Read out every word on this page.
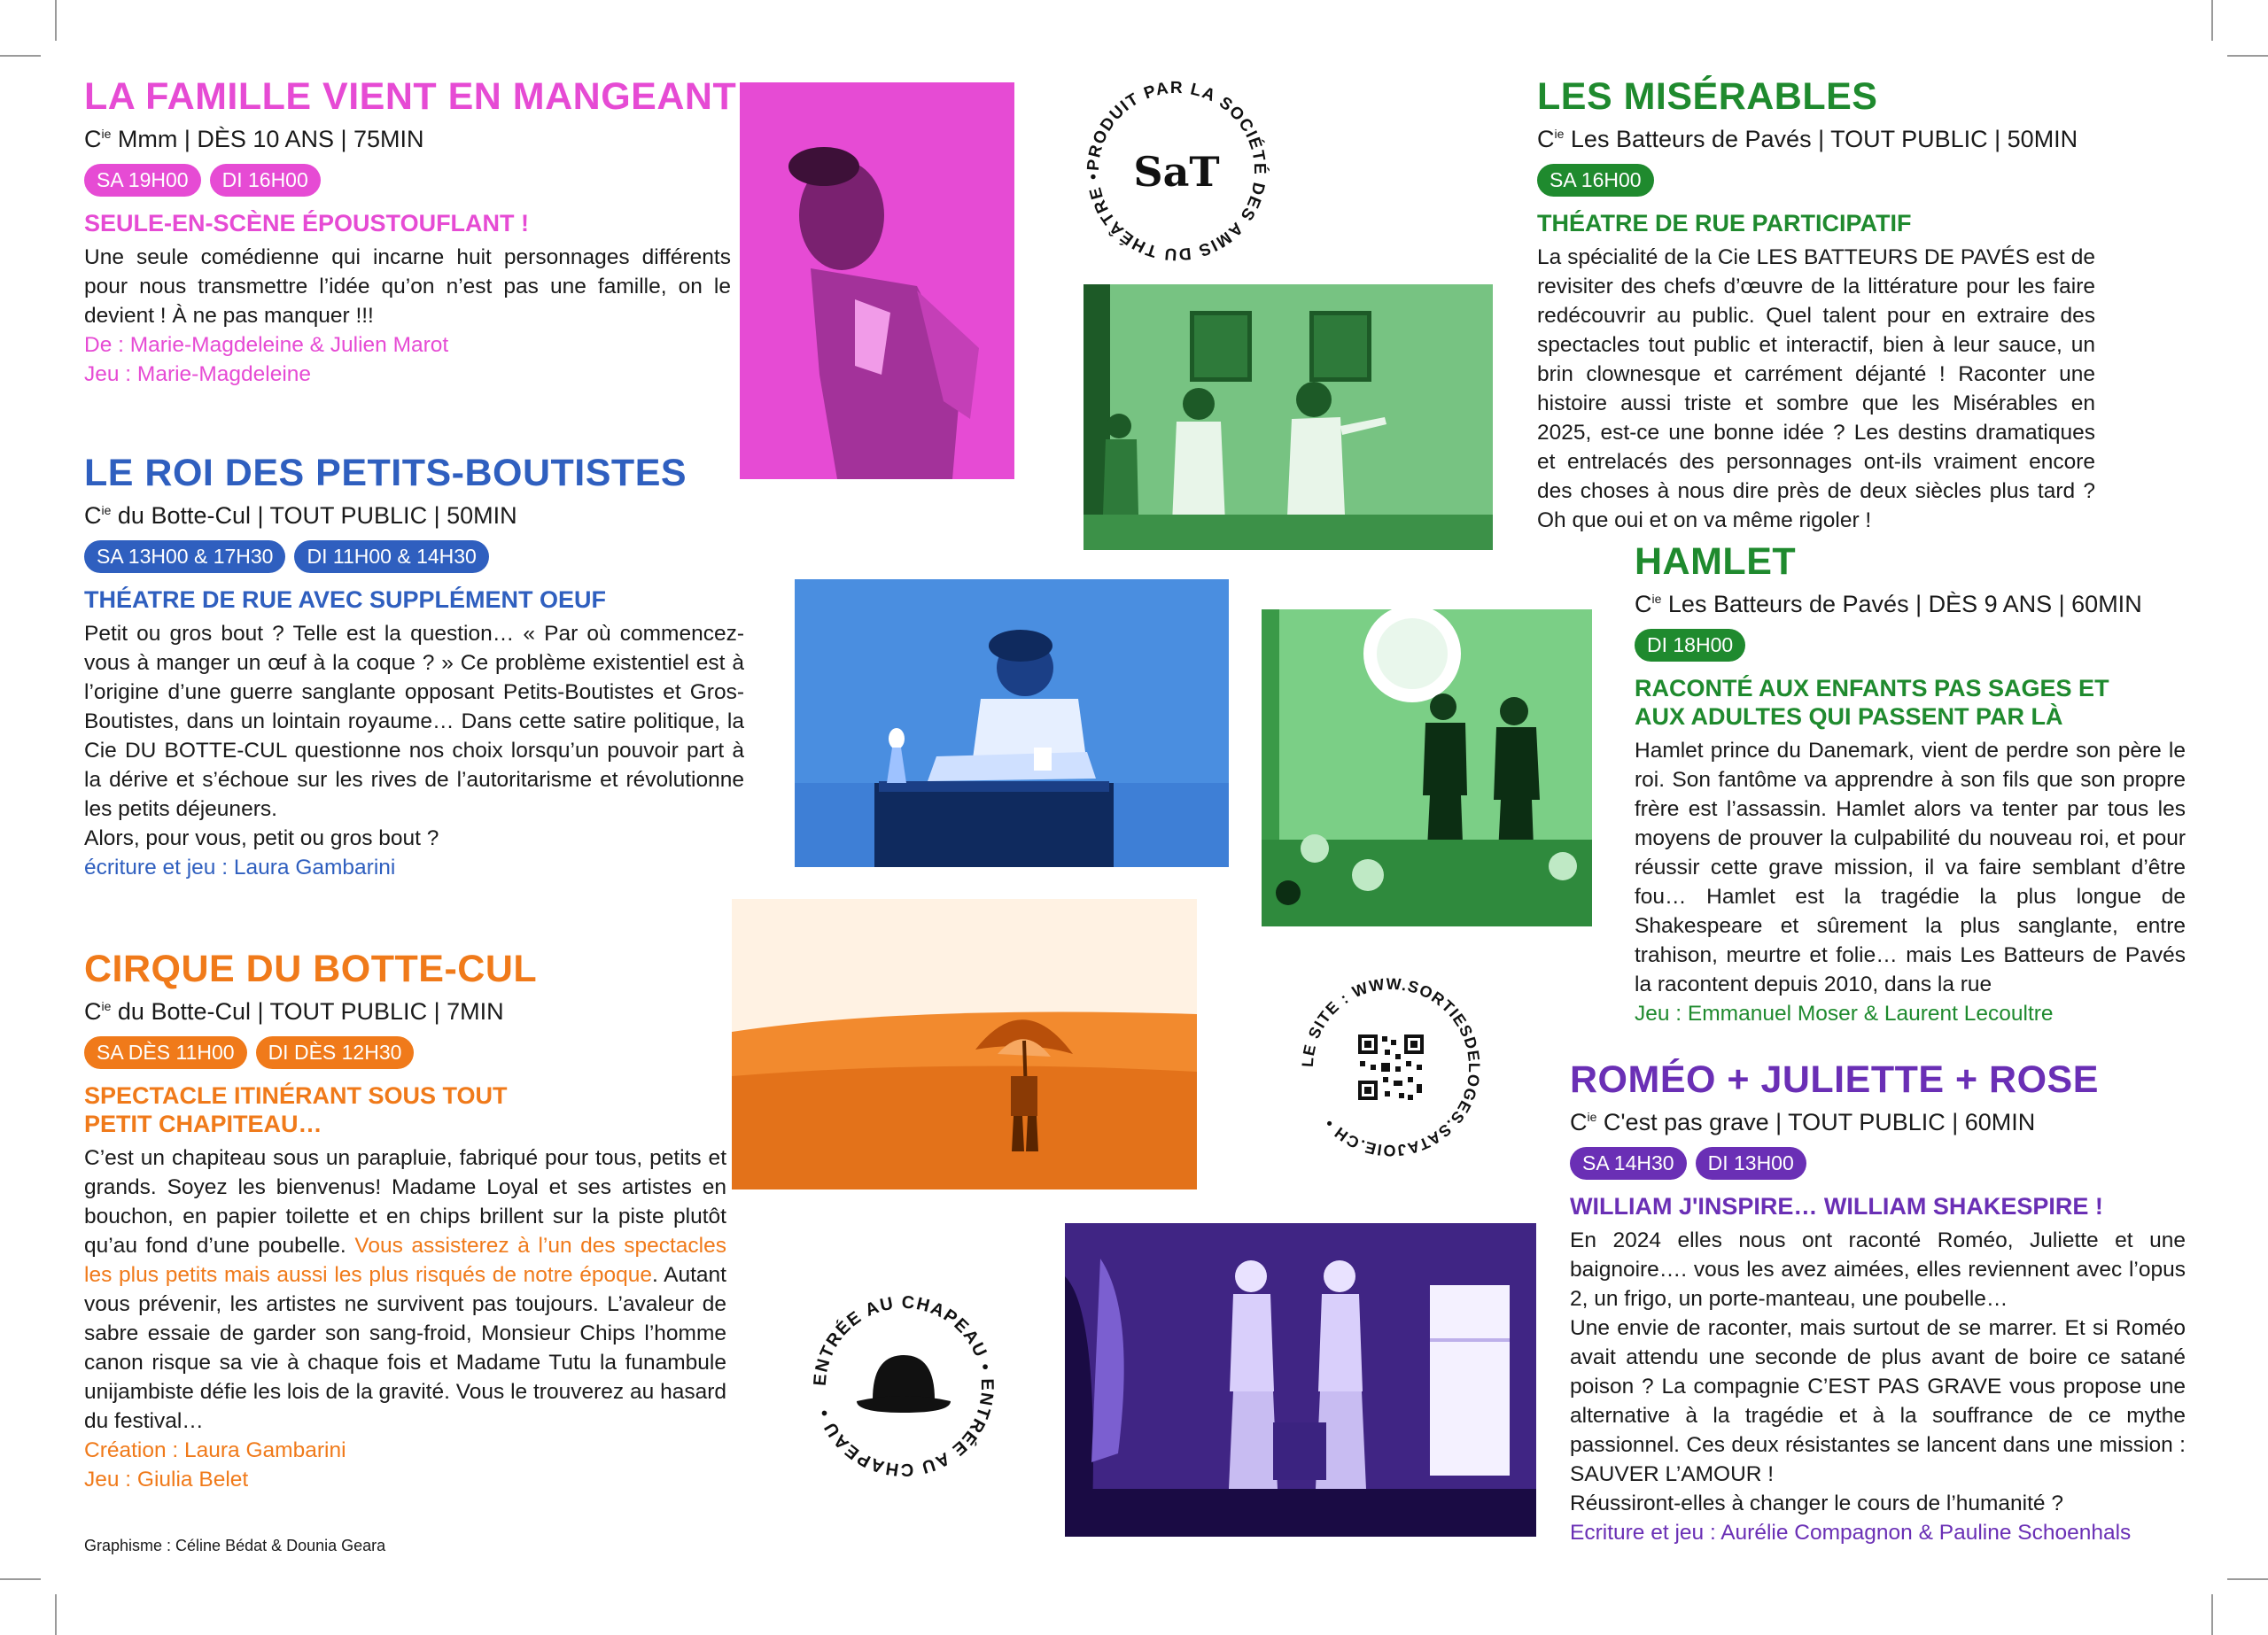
LA FAMILLE VIENT EN MANGEANT
$C^{ie}$ Mmm | DÈS 10 ANS | 75MIN
SA 19H00	DI 16H00
SEULE-EN-SCÈNE ÉPOUSTOUFLANT !
Une seule comédienne qui incarne huit personnages différents pour nous transmettre l’idée qu’on n’est pas une famille, on le devient ! À ne pas manquer !!!
De : Marie-Magdeleine & Julien Marot
Jeu : Marie-Magdeleine
LE ROI DES PETITS-BOUTISTES
$C^{ie}$ du Botte-Cul | TOUT PUBLIC | 50MIN
SA 13H00 & 17H30	DI 11H00 & 14H30
THÉATRE DE RUE AVEC SUPPLÉMENT OEUF
Petit ou gros bout ? Telle est la question… « Par où commencez-vous à manger un œuf à la coque ? » Ce problème existentiel est à l’origine d’une guerre sanglante opposant Petits-Boutistes et Gros-Boutistes, dans un lointain royaume… Dans cette satire politique, la Cie DU BOTTE-CUL questionne nos choix lorsqu’un pouvoir part à la dérive et s’échoue sur les rives de l’autoritarisme et révolutionne les petits déjeuners.
Alors, pour vous, petit ou gros bout ?
écriture et jeu : Laura Gambarini
CIRQUE DU BOTTE-CUL
$C^{ie}$ du Botte-Cul | TOUT PUBLIC | 7MIN
SA DÈS 11H00	DI DÈS 12H30
SPECTACLE ITINÉRANT SOUS TOUT PETIT CHAPITEAU…
C’est un chapiteau sous un parapluie, fabriqué pour tous, petits et grands. Soyez les bienvenus! Madame Loyal et ses artistes en bouchon, en papier toilette et en chips brillent sur la piste plutôt qu’au fond d’une poubelle. Vous assisterez à l’un des spectacles les plus petits mais aussi les plus risqués de notre époque. Autant vous prévenir, les artistes ne survivent pas toujours. L’avaleur de sabre essaie de garder son sang-froid, Monsieur Chips l’homme canon risque sa vie à chaque fois et Madame Tutu la funambule unijambiste défie les lois de la gravité. Vous le trouverez au hasard du festival…
Création : Laura Gambarini
Jeu : Giulia Belet
LES MISÉRABLES
$C^{ie}$ Les Batteurs de Pavés | TOUT PUBLIC | 50MIN
SA 16H00
THÉATRE DE RUE PARTICIPATIF
La spécialité de la Cie LES BATTEURS DE PAVÉS est de revisiter des chefs d’œuvre de la littérature pour les faire redécouvrir au public. Quel talent pour en extraire des spectacles tout public et interactif, bien à leur sauce, un brin clownesque et carrément déjanté ! Raconter une histoire aussi triste et sombre que les Misérables en 2025, est-ce une bonne idée ? Les destins dramatiques et entrelacés des personnages ont-ils vraiment encore des choses à nous dire près de deux siècles plus tard ? Oh que oui et on va même rigoler !
HAMLET
$C^{ie}$ Les Batteurs de Pavés | DÈS 9 ANS | 60MIN
DI 18H00
RACONTÉ AUX ENFANTS PAS SAGES ET AUX ADULTES QUI PASSENT PAR LÀ
Hamlet prince du Danemark, vient de perdre son père le roi. Son fantôme va apprendre à son fils que son propre frère est l’assassin. Hamlet alors va tenter par tous les moyens de prouver la culpabilité du nouveau roi, et pour réussir cette grave mission, il va faire semblant d’être fou… Hamlet est la tragédie la plus longue de Shakespeare et sûrement la plus sanglante, entre trahison, meurtre et folie… mais Les Batteurs de Pavés la racontent depuis 2010, dans la rue
Jeu : Emmanuel Moser & Laurent Lecoultre
ROMÉO + JULIETTE + ROSE
$C^{ie}$ C'est pas grave | TOUT PUBLIC | 60MIN
SA 14H30	DI 13H00
WILLIAM J'INSPIRE… WILLIAM SHAKESPIRE !
En 2024 elles nous ont raconté Roméo, Juliette et une baignoire…. vous les avez aimées, elles reviennent avec l’opus 2, un frigo, un porte-manteau, une poubelle…
Une envie de raconter, mais surtout de se marrer. Et si Roméo avait attendu une seconde de plus avant de boire ce satané poison ? La compagnie C’EST PAS GRAVE vous propose une alternative à la tragédie et à la souffrance de ce mythe passionnel. Ces deux résistantes se lancent dans une mission : SAUVER L’AMOUR !
Réussiront-elles à changer le cours de l’humanité ?
Ecriture et jeu : Aurélie Compagnon & Pauline Schoenhals
PRODUIT PAR LA SOCIÉTÉ DES AMIS DU THÉÂTRE • SaT
LE SITE : WWW.SORTIESDELOGES.SATAJOIE.CH •
ENTRÉE AU CHAPEAU • ENTRÉE AU CHAPEAU •
Graphisme : Céline Bédat & Dounia Geara
